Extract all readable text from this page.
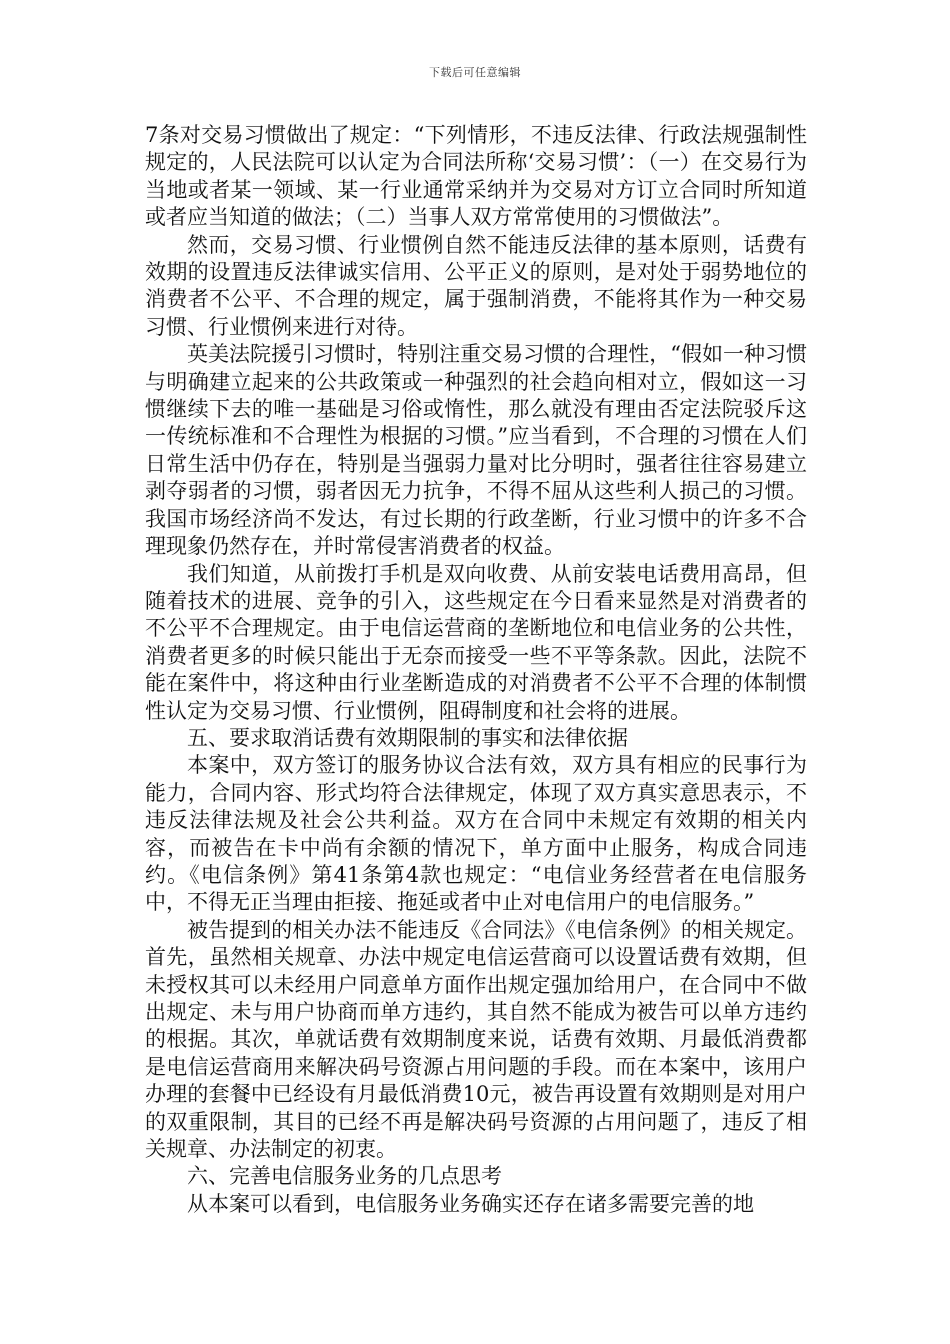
下载后可任意编辑

7条对交易习惯做出了规定：“下列情形，不违反法律、行政法规强制性规定的，人民法院可以认定为合同法所称‘交易习惯’：（一）在交易行为当地或者某一领域、某一行业通常采纳并为交易对方订立合同时所知道或者应当知道的做法；（二）当事人双方常常使用的习惯做法”。

然而，交易习惯、行业惯例自然不能违反法律的基本原则，话费有效期的设置违反法律诚实信用、公平正义的原则，是对处于弱势地位的消费者不公平、不合理的规定，属于强制消费，不能将其作为一种交易习惯、行业惯例来进行对待。

英美法院援引习惯时，特别注重交易习惯的合理性，“假如一种习惯与明确建立起来的公共政策或一种强烈的社会趋向相对立，假如这一习惯继续下去的唯一基础是习俗或惰性，那么就没有理由否定法院驳斥这一传统标准和不合理性为根据的习惯。”应当看到，不合理的习惯在人们日常生活中仍存在，特别是当强弱力量对比分明时，强者往往容易建立剥夺弱者的习惯，弱者因无力抗争，不得不屈从这些利人损己的习惯。我国市场经济尚不发达，有过长期的行政垄断，行业习惯中的许多不合理现象仍然存在，并时常侵害消费者的权益。

我们知道，从前拨打手机是双向收费、从前安装电话费用高昂，但随着技术的进展、竞争的引入，这些规定在今日看来显然是对消费者的不公平不合理规定。由于电信运营商的垄断地位和电信业务的公共性，消费者更多的时候只能出于无奈而接受一些不平等条款。因此，法院不能在案件中，将这种由行业垄断造成的对消费者不公平不合理的体制惯性认定为交易习惯、行业惯例，阻碍制度和社会将的进展。

五、要求取消话费有效期限制的事实和法律依据

本案中，双方签订的服务协议合法有效，双方具有相应的民事行为能力，合同内容、形式均符合法律规定，体现了双方真实意思表示，不违反法律法规及社会公共利益。双方在合同中未规定有效期的相关内容，而被告在卡中尚有余额的情况下，单方面中止服务，构成合同违约。《电信条例》第41条第4款也规定：“电信业务经营者在电信服务中，不得无正当理由拒接、拖延或者中止对电信用户的电信服务。”

被告提到的相关办法不能违反《合同法》《电信条例》的相关规定。首先，虽然相关规章、办法中规定电信运营商可以设置话费有效期，但未授权其可以未经用户同意单方面作出规定强加给用户，在合同中不做出规定、未与用户协商而单方违约，其自然不能成为被告可以单方违约的根据。其次，单就话费有效期制度来说，话费有效期、月最低消费都是电信运营商用来解决码号资源占用问题的手段。而在本案中，该用户办理的套餐中已经设有月最低消费10元，被告再设置有效期则是对用户的双重限制，其目的已经不再是解决码号资源的占用问题了，违反了相关规章、办法制定的初衷。

六、完善电信服务业务的几点思考

从本案可以看到，电信服务业务确实还存在诸多需要完善的地
